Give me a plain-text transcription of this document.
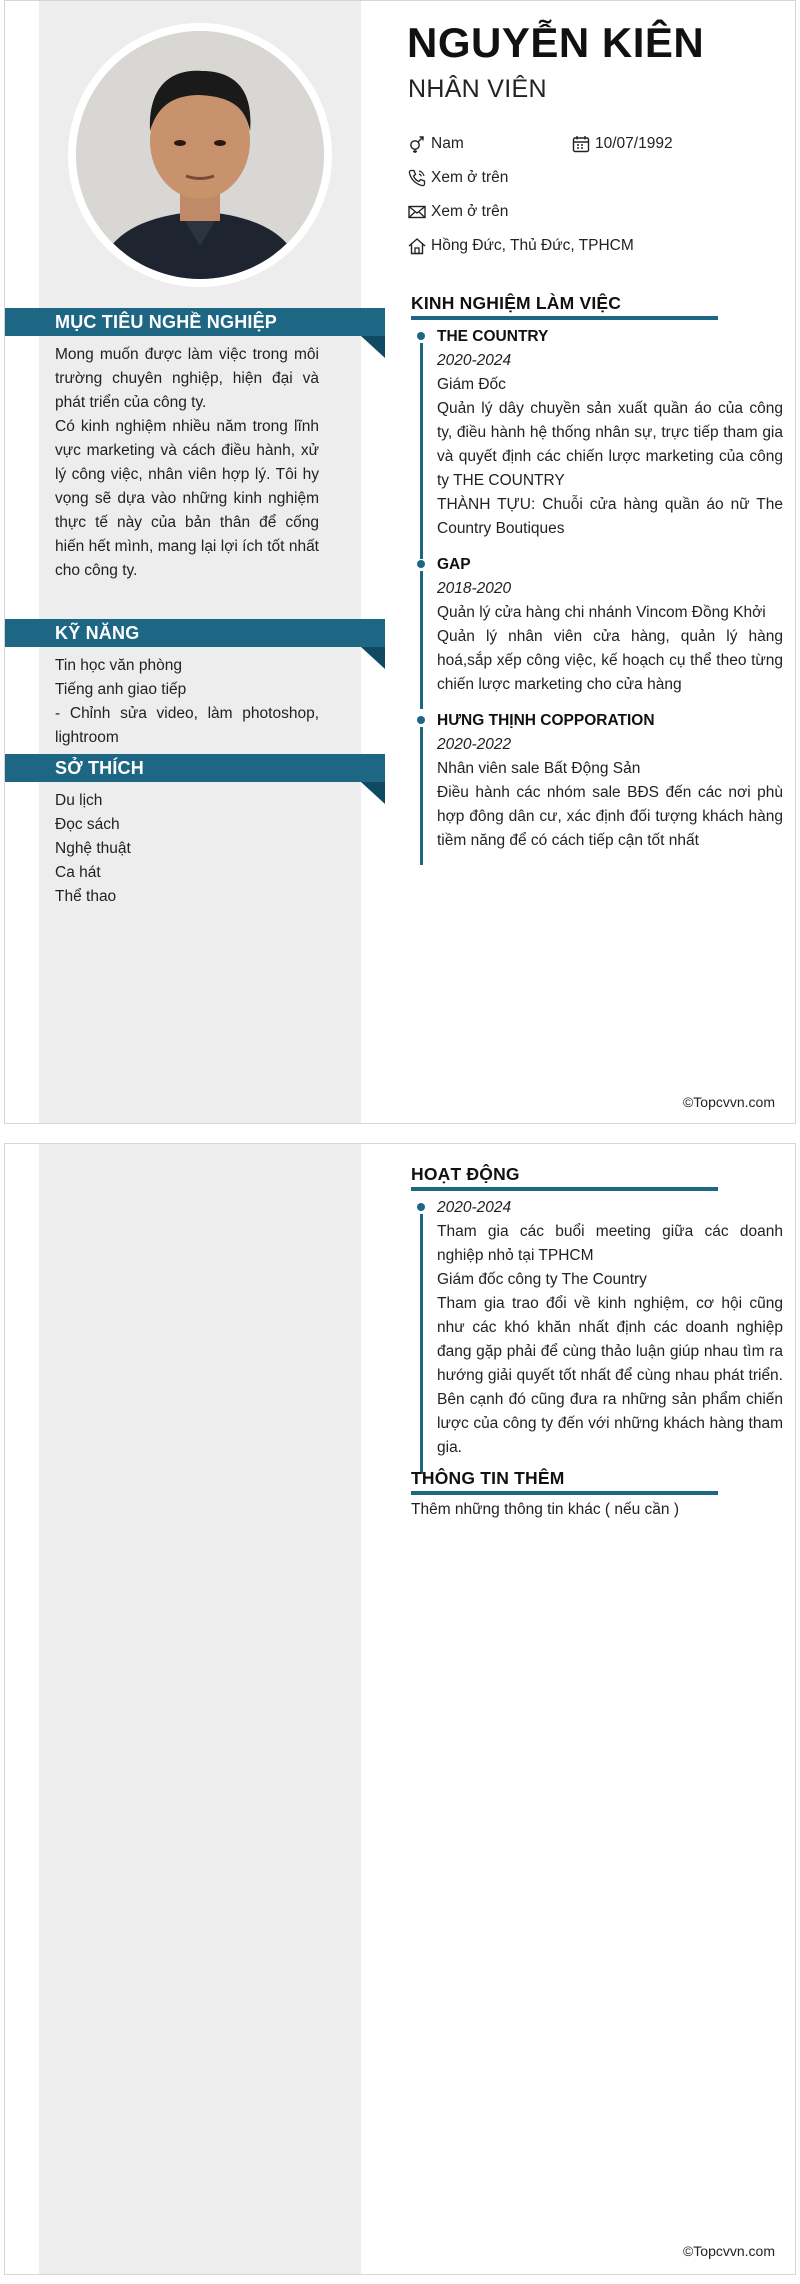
MỤC TIÊU NGHỀ NGHIỆP
Mong muốn được làm việc trong môi trường chuyên nghiệp, hiện đại và phát triển của công ty.
Có kinh nghiệm nhiều năm trong lĩnh vực marketing và cách điều hành, xử lý công việc, nhân viên hợp lý. Tôi hy vọng sẽ dựa vào những kinh nghiệm thực tế này của bản thân để cống hiến hết mình, mang lại lợi ích tốt nhất cho công ty.
KỸ NĂNG
Tin học văn phòng
Tiếng anh giao tiếp
- Chỉnh sửa video, làm photoshop, lightroom
SỞ THÍCH
Du lịch
Đọc sách
Nghệ thuật
Ca hát
Thể thao
NGUYỄN KIÊN
NHÂN VIÊN
Nam	10/07/1992
Xem ở trên
Xem ở trên
Hồng Đức, Thủ Đức, TPHCM
KINH NGHIỆM LÀM VIỆC
THE COUNTRY
2020-2024
Giám Đốc
Quản lý dây chuyền sản xuất quần áo của công ty, điều hành hệ thống nhân sự, trực tiếp tham gia và quyết định các chiến lược marketing của công ty THE COUNTRY
THÀNH TỰU: Chuỗi cửa hàng quần áo nữ The Country Boutiques
GAP
2018-2020
Quản lý cửa hàng chi nhánh Vincom Đồng Khởi
Quản lý nhân viên cửa hàng, quản lý hàng hoá,sắp xếp công việc, kế hoạch cụ thể theo từng chiến lược marketing cho cửa hàng
HƯNG THỊNH COPPORATION
2020-2022
Nhân viên sale Bất Động Sản
Điều hành các nhóm sale BĐS đến các nơi phù hợp đông dân cư, xác định đối tượng khách hàng tiềm năng để có cách tiếp cận tốt nhất
©Topcvvn.com
HOẠT ĐỘNG
2020-2024
Tham gia các buổi meeting giữa các doanh nghiệp nhỏ tại TPHCM
Giám đốc công ty The Country
Tham gia trao đổi về kinh nghiệm, cơ hội cũng như các khó khăn nhất định các doanh nghiệp đang gặp phải để cùng thảo luận giúp nhau tìm ra hướng giải quyết tốt nhất để cùng nhau phát triển. Bên cạnh đó cũng đưa ra những sản phẩm chiến lược của công ty đến với những khách hàng tham gia.
THÔNG TIN THÊM
Thêm những thông tin khác ( nếu cần )
©Topcvvn.com
